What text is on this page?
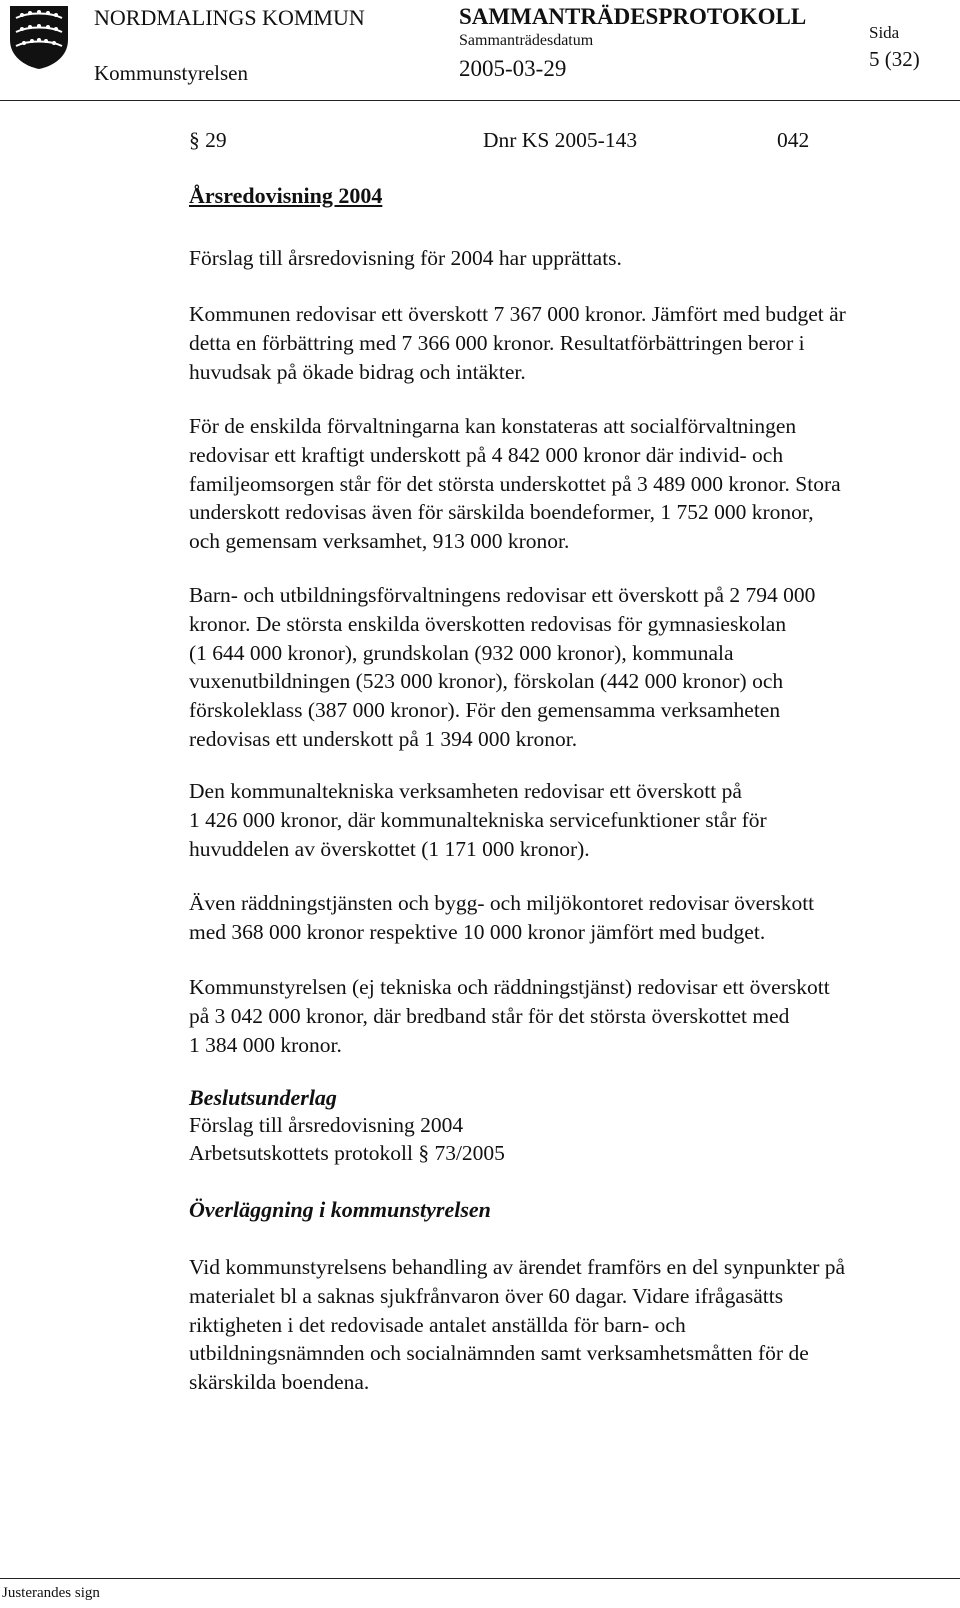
NORDMALINGS KOMMUN
Kommunstyrelsen
SAMMANTRÄDESPROTOKOLL
Sammanträdesdatum
2005-03-29
Sida
5 (32)
§ 29	Dnr KS 2005-143	042
Årsredovisning 2004

Förslag till årsredovisning för 2004 har upprättats.

Kommunen redovisar ett överskott 7 367 000 kronor. Jämfört med budget är
detta en förbättring med 7 366 000 kronor. Resultatförbättringen beror i
huvudsak på ökade bidrag och intäkter.

För de enskilda förvaltningarna kan konstateras att socialförvaltningen
redovisar ett kraftigt underskott på 4 842 000 kronor där individ- och
familjeomsorgen står för det största underskottet på 3 489 000 kronor. Stora
underskott redovisas även för särskilda boendeformer, 1 752 000 kronor,
och gemensam verksamhet, 913 000 kronor.

Barn- och utbildningsförvaltningens redovisar ett överskott på 2 794 000
kronor. De största enskilda överskotten redovisas för gymnasieskolan
(1 644 000 kronor), grundskolan (932 000 kronor), kommunala
vuxenutbildningen (523 000 kronor), förskolan (442 000 kronor) och
förskoleklass (387 000 kronor). För den gemensamma verksamheten
redovisas ett underskott på 1 394 000 kronor.

Den kommunaltekniska verksamheten redovisar ett överskott på
1 426 000 kronor, där kommunaltekniska servicefunktioner står för
huvuddelen av överskottet (1 171 000 kronor).

Även räddningstjänsten och bygg- och miljökontoret redovisar överskott
med 368 000 kronor respektive 10 000 kronor jämfört med budget.

Kommunstyrelsen (ej tekniska och räddningstjänst) redovisar ett överskott
på 3 042 000 kronor, där bredband står för det största överskottet med
1 384 000 kronor.

Beslutsunderlag
Förslag till årsredovisning 2004
Arbetsutskottets protokoll § 73/2005
Överläggning i kommunstyrelsen

Vid kommunstyrelsens behandling av ärendet framförs en del synpunkter på
materialet bl a saknas sjukfrånvaron över 60 dagar. Vidare ifrågasätts
riktigheten i det redovisade antalet anställda för barn- och
utbildningsnämnden och socialnämnden samt verksamhetsmåtten för de
skärskilda boendena.

Justerandes sign
